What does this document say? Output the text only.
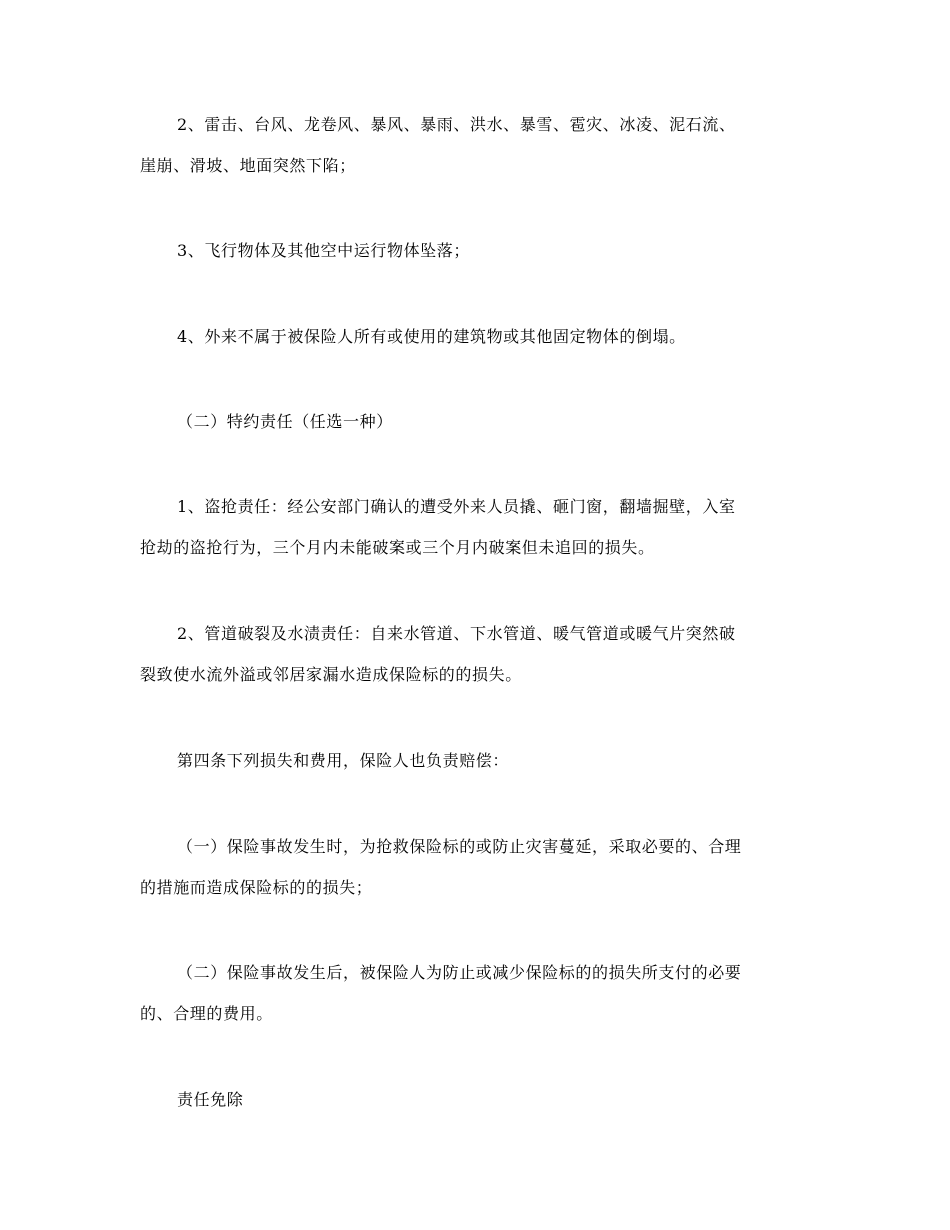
2、雷击、台风、龙卷风、暴风、暴雨、洪水、暴雪、雹灾、冰凌、泥石流、
崖崩、滑坡、地面突然下陷；

3、飞行物体及其他空中运行物体坠落；

4、外来不属于被保险人所有或使用的建筑物或其他固定物体的倒塌。

（二）特约责任（任选一种）

1、盗抢责任：经公安部门确认的遭受外来人员撬、砸门窗，翻墙掘壁，入室
抢劫的盗抢行为，三个月内未能破案或三个月内破案但未追回的损失。

2、管道破裂及水渍责任：自来水管道、下水管道、暖气管道或暖气片突然破
裂致使水流外溢或邻居家漏水造成保险标的的损失。

第四条下列损失和费用，保险人也负责赔偿：

（一）保险事故发生时，为抢救保险标的或防止灾害蔓延，采取必要的、合理
的措施而造成保险标的的损失；

（二）保险事故发生后，被保险人为防止或减少保险标的的损失所支付的必要
的、合理的费用。

责任免除
